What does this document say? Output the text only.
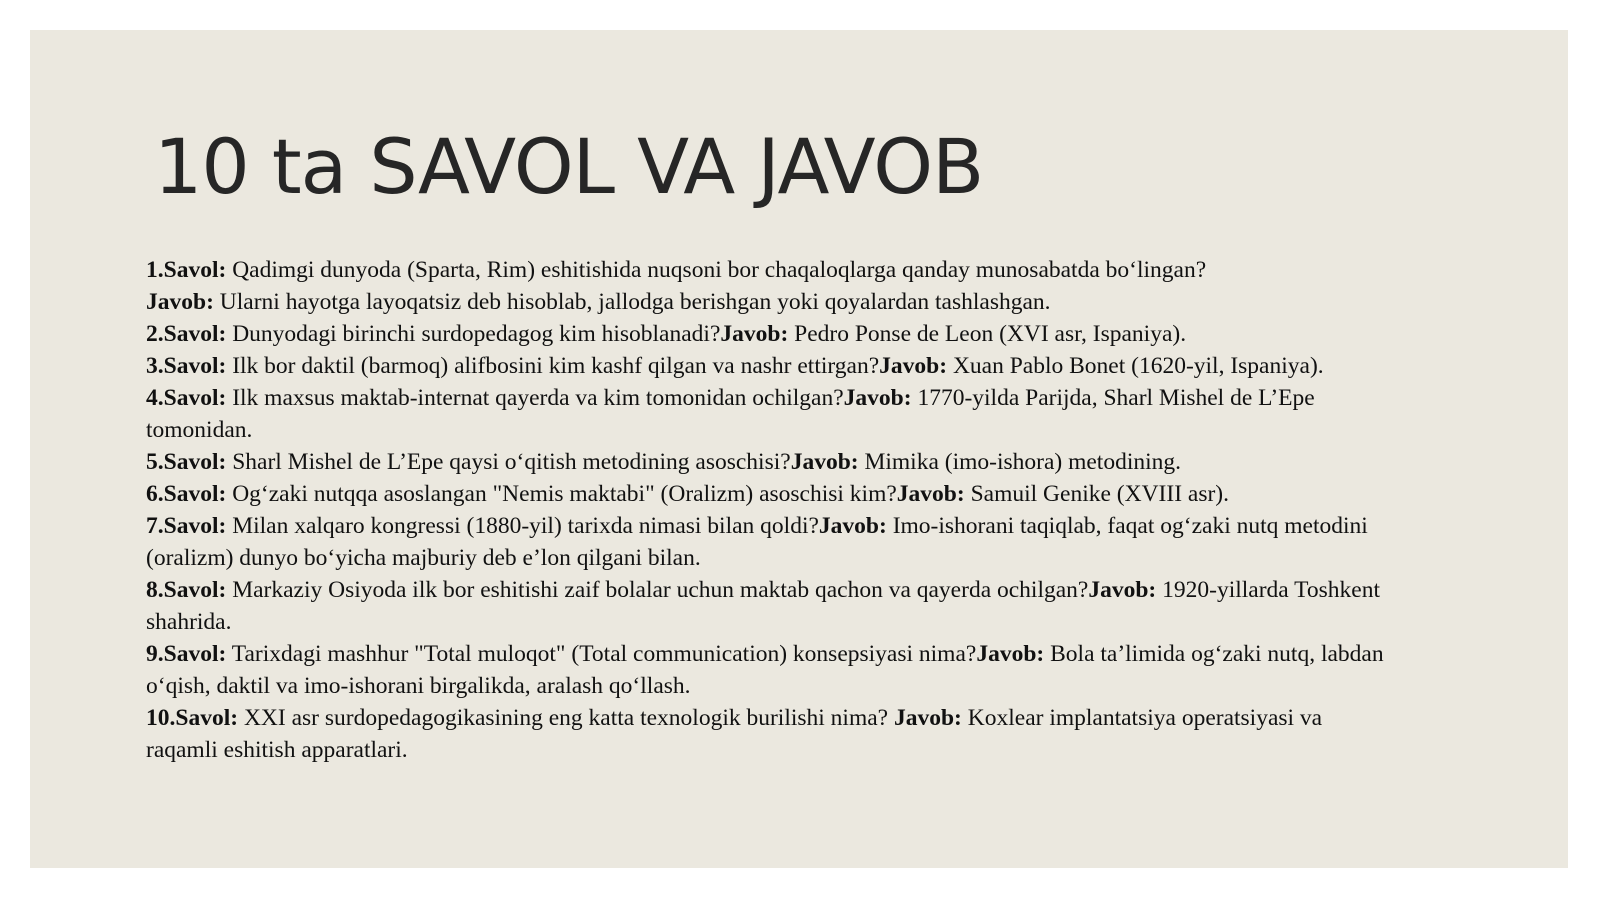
10 ta SAVOL VA JAVOB

1.Savol: Qadimgi dunyoda (Sparta, Rim) eshitishida nuqsoni bor chaqaloqlarga qanday munosabatda bo‘lingan?
Javob: Ularni hayotga layoqatsiz deb hisoblab, jallodga berishgan yoki qoyalardan tashlashgan.

2.Savol: Dunyodagi birinchi surdopedagog kim hisoblanadi?Javob: Pedro Ponse de Leon (XVI asr, Ispaniya).

3.Savol: Ilk bor daktil (barmoq) alifbosini kim kashf qilgan va nashr ettirgan?Javob: Xuan Pablo Bonet (1620-yil, Ispaniya).

4.Savol: Ilk maxsus maktab-internat qayerda va kim tomonidan ochilgan?Javob: 1770-yilda Parijda, Sharl Mishel de L’Epe tomonidan.

5.Savol: Sharl Mishel de L’Epe qaysi o‘qitish metodining asoschisi?Javob: Mimika (imo-ishora) metodining.

6.Savol: Og‘zaki nutqqa asoslangan "Nemis maktabi" (Oralizm) asoschisi kim?Javob: Samuil Genike (XVIII asr).

7.Savol: Milan xalqaro kongressi (1880-yil) tarixda nimasi bilan qoldi?Javob: Imo-ishorani taqiqlab, faqat og‘zaki nutq metodini (oralizm) dunyo bo‘yicha majburiy deb e’lon qilgani bilan.

8.Savol: Markaziy Osiyoda ilk bor eshitishi zaif bolalar uchun maktab qachon va qayerda ochilgan?Javob: 1920-yillarda Toshkent shahrida.

9.Savol: Tarixdagi mashhur "Total muloqot" (Total communication) konsepsiyasi nima?Javob: Bola ta’limida og‘zaki nutq, labdan o‘qish, daktil va imo-ishorani birgalikda, aralash qo‘llash.

10.Savol: XXI asr surdopedagogikasining eng katta texnologik burilishi nima? Javob: Koxlear implantatsiya operatsiyasi va raqamli eshitish apparatlari.
